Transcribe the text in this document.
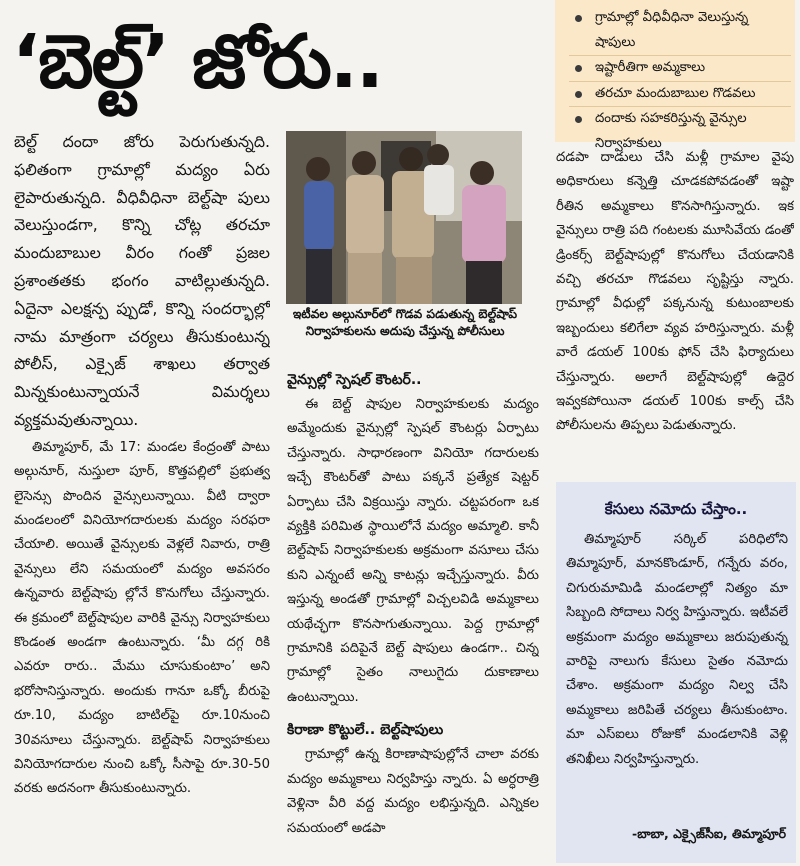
‘బెల్ట్’ జోరు..

బెల్ట్ దందా జోరు పెరుగుతున్నది. ఫలితంగా గ్రామాల్లో మద్యం ఏరు లైపారుతున్నది. వీధివీధినా బెల్ట్‌షా పులు వెలుస్తుండగా, కొన్ని చోట్ల తరచూ మందుబాబుల వీరం గంతో ప్రజల ప్రశాంతతకు భంగం వాటిల్లుతున్నది. ఏదైనా ఎలక్షన్ప ప్పుడో, కొన్ని సందర్భాల్లో నామ మాత్రంగా చర్యలు తీసుకుంటున్న పోలీస్, ఎక్సైజ్ శాఖలు తర్వాత మిన్నకుంటున్నాయనే విమర్శలు వ్యక్తమవుతున్నాయి.

తిమ్మాపూర్, మే 17: మండల కేంద్రంతో పాటు అల్గునూర్, నుస్తులా పూర్, కొత్తపల్లిలో ప్రభుత్వ లైసెన్సు పొందిన వైన్సులున్నాయి. వీటి ద్వారా మండలంలో వినియోగదారులకు మద్యం సరఫరా చేయాలి. అయితే వైన్సులకు వెళ్లలే నివారు, రాత్రి వైన్సులు లేని సమయంలో మద్యం అవసరం ఉన్నవారు బెల్ట్‌షాపు ల్లోనే కొనుగోలు చేస్తున్నారు. ఈ క్రమంలో బెల్ట్‌షాపుల వారికి వైన్సు నిర్వాహకులు కొండంత అండగా ఉంటున్నారు. ‘మీ దగ్గ రికి ఎవరూ రారు.. మేము చూసుకుంటాం’ అని భరోసానిస్తున్నారు. అందుకు గానూ ఒక్కో బీరుపై రూ.10, మద్యం బాటిల్‌పై రూ.10నుంచి 30వసూలు చేస్తున్నారు. బెల్ట్‌షాప్ నిర్వాహకులు వినియోగదారుల నుంచి ఒక్కో సీసాపై రూ.30-50 వరకు అదనంగా తీసుకుంటున్నారు.

ఇటీవల అల్గునూర్‌లో గొడవ పడుతున్న బెల్ట్‌షాప్ నిర్వాహకులను అదుపు చేస్తున్న పోలీసులు

వైన్సుల్లో స్పెషల్ కౌంటర్..

ఈ బెల్ట్ షాపుల నిర్వాహకులకు మద్యం అమ్మేందుకు వైన్సుల్లో స్పెషల్ కౌంటర్లు ఏర్పాటు చేస్తున్నారు. సాధారణంగా వినియో గదారులకు ఇచ్చే కౌంటర్‌తో పాటు పక్కనే ప్రత్యేక షెట్టర్ ఏర్పాటు చేసి విక్రయిస్తు న్నారు. చట్టపరంగా ఒక వ్యక్తికి పరిమిత స్థాయిలోనే మద్యం అమ్మాలి. కానీ బెల్ట్‌షాప్ నిర్వాహకులకు అక్రమంగా వసూలు చేసు కుని ఎన్నంటే అన్ని కాటన్లు ఇచ్చేస్తున్నారు. వీరు ఇస్తున్న అండతో గ్రామాల్లో విచ్చలవిడి అమ్మకాలు యథేచ్ఛగా కొనసాగుతున్నాయి. పెద్ద గ్రామాల్లో గ్రామానికి పదిపైనే బెల్ట్ షాపులు ఉండగా.. చిన్న గ్రామాల్లో సైతం నాలుగైదు దుకాణాలు ఉంటున్నాయి.

కిరాణా కొట్టులే.. బెల్ట్‌షాపులు

గ్రామాల్లో ఉన్న కిరాణాషాపుల్లోనే చాలా వరకు మద్యం అమ్మకాలు నిర్వహిస్తు న్నారు. ఏ అర్ధరాత్రి వెళ్లినా వీరి వద్ద మద్యం లభిస్తున్నది. ఎన్నికల సమయంలో అడపా

గ్రామాల్లో వీధివీధినా వెలుస్తున్న షాపులు
ఇష్టారీతిగా అమ్మకాలు
తరచూ మందుబాబుల గొడవలు
దందాకు సహకరిస్తున్న వైన్సుల నిర్వాహకులు

దడపా దాడులు చేసి మళ్లీ గ్రామాల వైపు అధికారులు కన్నెత్తి చూడకపోవడంతో ఇష్టా రీతిన అమ్మకాలు కొనసాగిస్తున్నారు. ఇక వైన్సులు రాత్రి పది గంటలకు మూసివేయ డంతో డ్రింకర్స్ బెల్ట్‌షాపుల్లో కొనుగోలు చేయడానికి వచ్చి తరచూ గొడవలు సృష్టిస్తు న్నారు. గ్రామాల్లో వీధుల్లో పక్కనున్న కుటుంబాలకు ఇబ్బందులు కలిగేలా వ్యవ హరిస్తున్నారు. మళ్లీ వారే డయల్ 100కు ఫోన్ చేసి ఫిర్యాదులు చేస్తున్నారు. అలాగే బెల్ట్‌షాపుల్లో ఉద్దెర ఇవ్వకపోయినా డయల్ 100కు కాల్స్ చేసి పోలీసులను తిప్పలు పెడుతున్నారు.

కేసులు నమోదు చేస్తాం..

తిమ్మాపూర్ సర్కిల్ పరిధిలోని తిమ్మాపూర్, మానకొండూర్, గన్నేరు వరం, చిగురుమామిడి మండలాల్లో నిత్యం మా సిబ్బంది సోదాలు నిర్వ హిస్తున్నారు. ఇటీవలే అక్రమంగా మద్యం అమ్మకాలు జరుపుతున్న వారిపై నాలుగు కేసులు సైతం నమోదు చేశాం. అక్రమంగా మద్యం నిల్వ చేసి అమ్మకాలు జరిపితే చర్యలు తీసుకుంటాం. మా ఎస్‌ఐలు రోజుకో మండలానికి వెళ్లి తనిఖీలు నిర్వహిస్తున్నారు.

-బాబా, ఎక్సైజ్‌సీఐ, తిమ్మాపూర్
